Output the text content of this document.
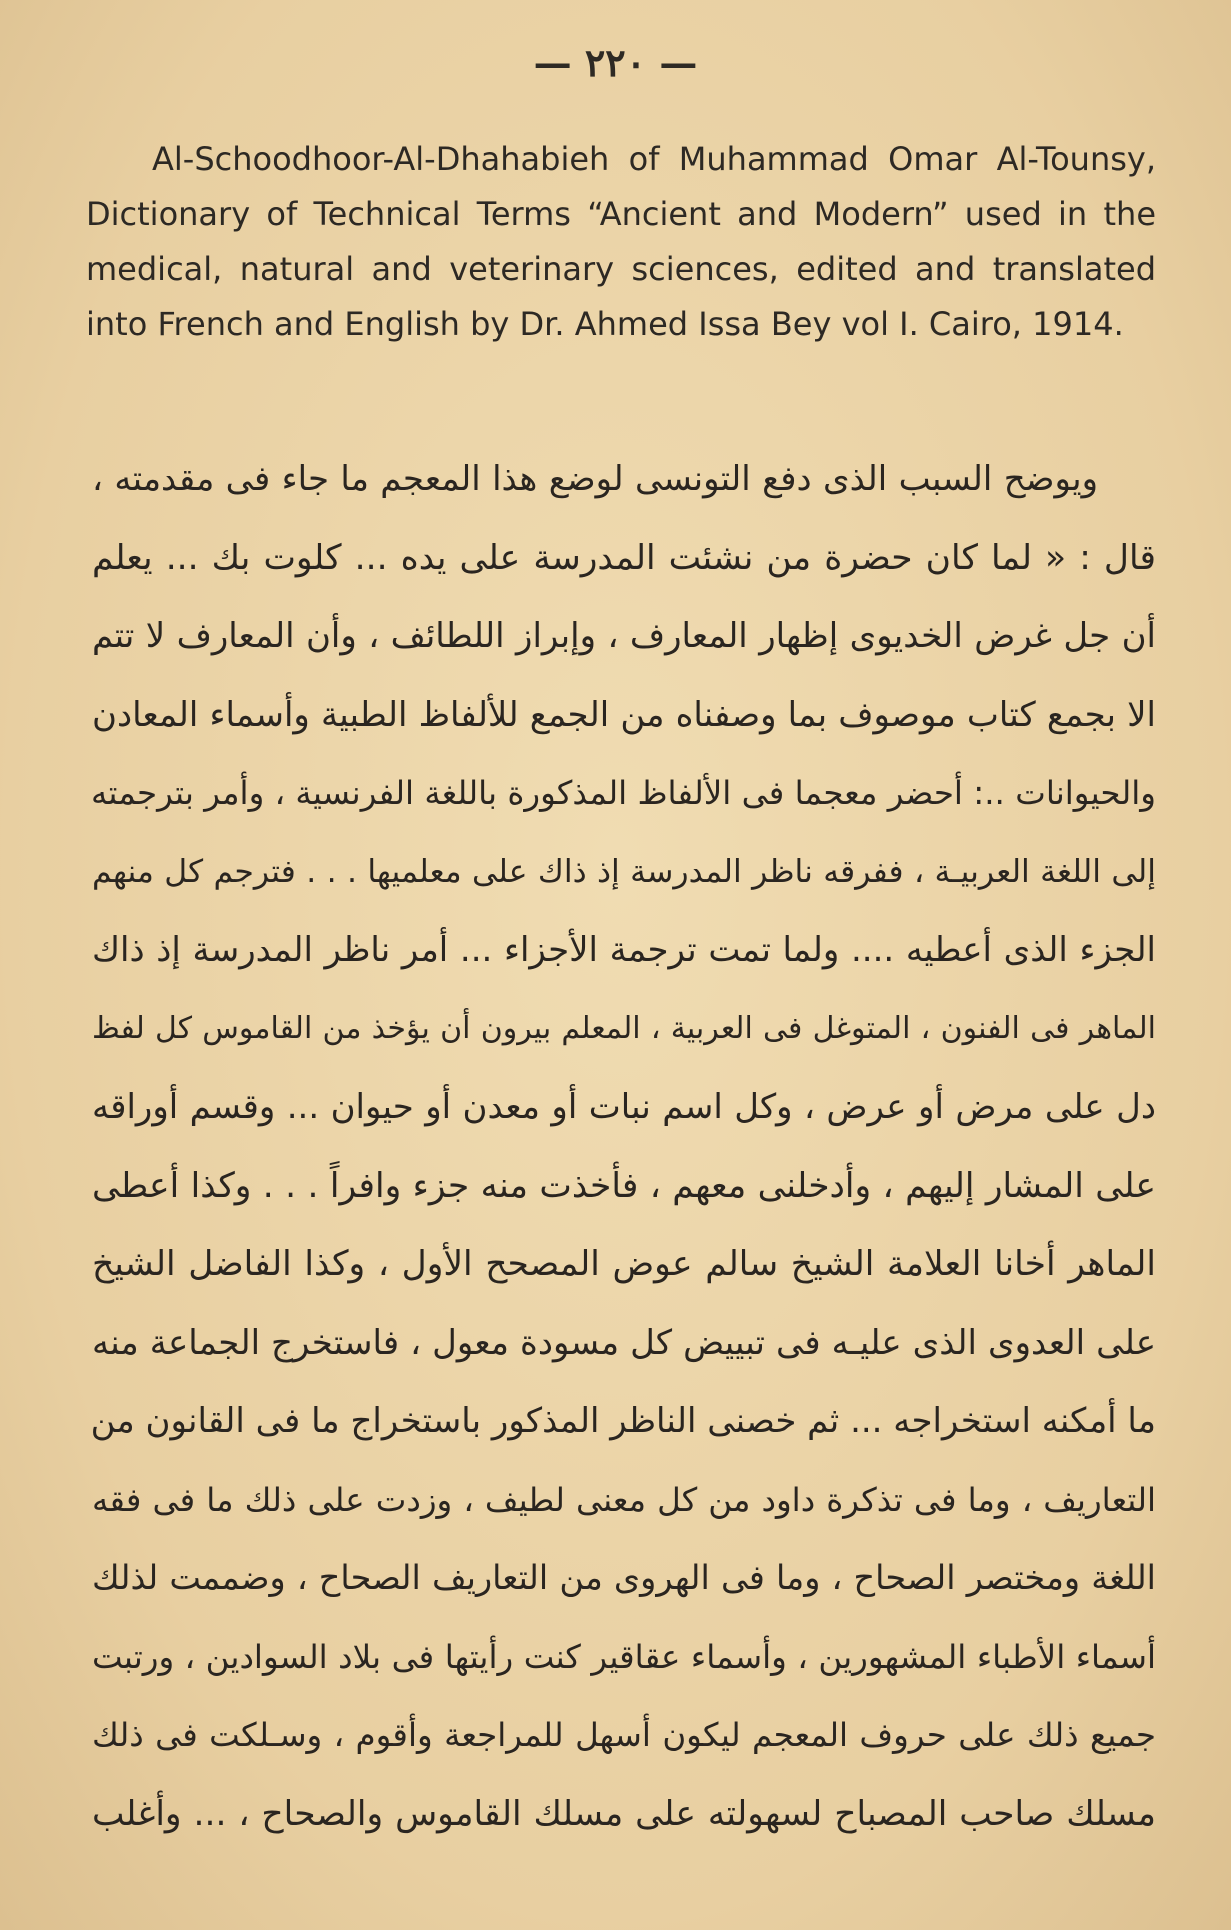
— ٢٢٠ —

Al-Schoodhoor-Al-Dhahabieh of Muhammad Omar Al-Tounsy, Dictionary of Technical Terms “Ancient and Modern” used in the medical, natural and veterinary sciences, edited and translated into French and English by Dr. Ahmed Issa Bey vol I. Cairo, 1914.

ويوضح السبب الذى دفع التونسى لوضع هذا المعجم ما جاء فى مقدمته ،
قال : « لما كان حضرة من نشئت المدرسة على يده ... كلوت بك ... يعلم
أن جل غرض الخديوى إظهار المعارف ، وإبراز اللطائف ، وأن المعارف لا تتم
الا بجمع كتاب موصوف بما وصفناه من الجمع للألفاظ الطبية وأسماء المعادن
والحيوانات ..: أحضر معجما فى الألفاظ المذكورة باللغة الفرنسية ، وأمر بترجمته
إلى اللغة العربيـة ، ففرقه ناظر المدرسة إذ ذاك على معلميها . . . فترجم كل منهم
الجزء الذى أعطيه .... ولما تمت ترجمة الأجزاء ... أمر ناظر المدرسة إذ ذاك
الماهر فى الفنون ، المتوغل فى العربية ، المعلم بيرون أن يؤخذ من القاموس كل لفظ
دل على مرض أو عرض ، وكل اسم نبات أو معدن أو حيوان ... وقسم أوراقه
على المشار إليهم ، وأدخلنى معهم ، فأخذت منه جزء وافراً . . . وكذا أعطى
الماهر أخانا العلامة الشيخ سالم عوض المصحح الأول ، وكذا الفاضل الشيخ
على العدوى الذى عليـه فى تبييض كل مسودة معول ، فاستخرج الجماعة منه
ما أمكنه استخراجه ... ثم خصنى الناظر المذكور باستخراج ما فى القانون من
التعاريف ، وما فى تذكرة داود من كل معنى لطيف ، وزدت على ذلك ما فى فقه
اللغة ومختصر الصحاح ، وما فى الهروى من التعاريف الصحاح ، وضممت لذلك
أسماء الأطباء المشهورين ، وأسماء عقاقير كنت رأيتها فى بلاد السوادين ، ورتبت
جميع ذلك على حروف المعجم ليكون أسهل للمراجعة وأقوم ، وسـلكت فى ذلك
مسلك صاحب المصباح لسهولته على مسلك القاموس والصحاح ، ... وأغلب
